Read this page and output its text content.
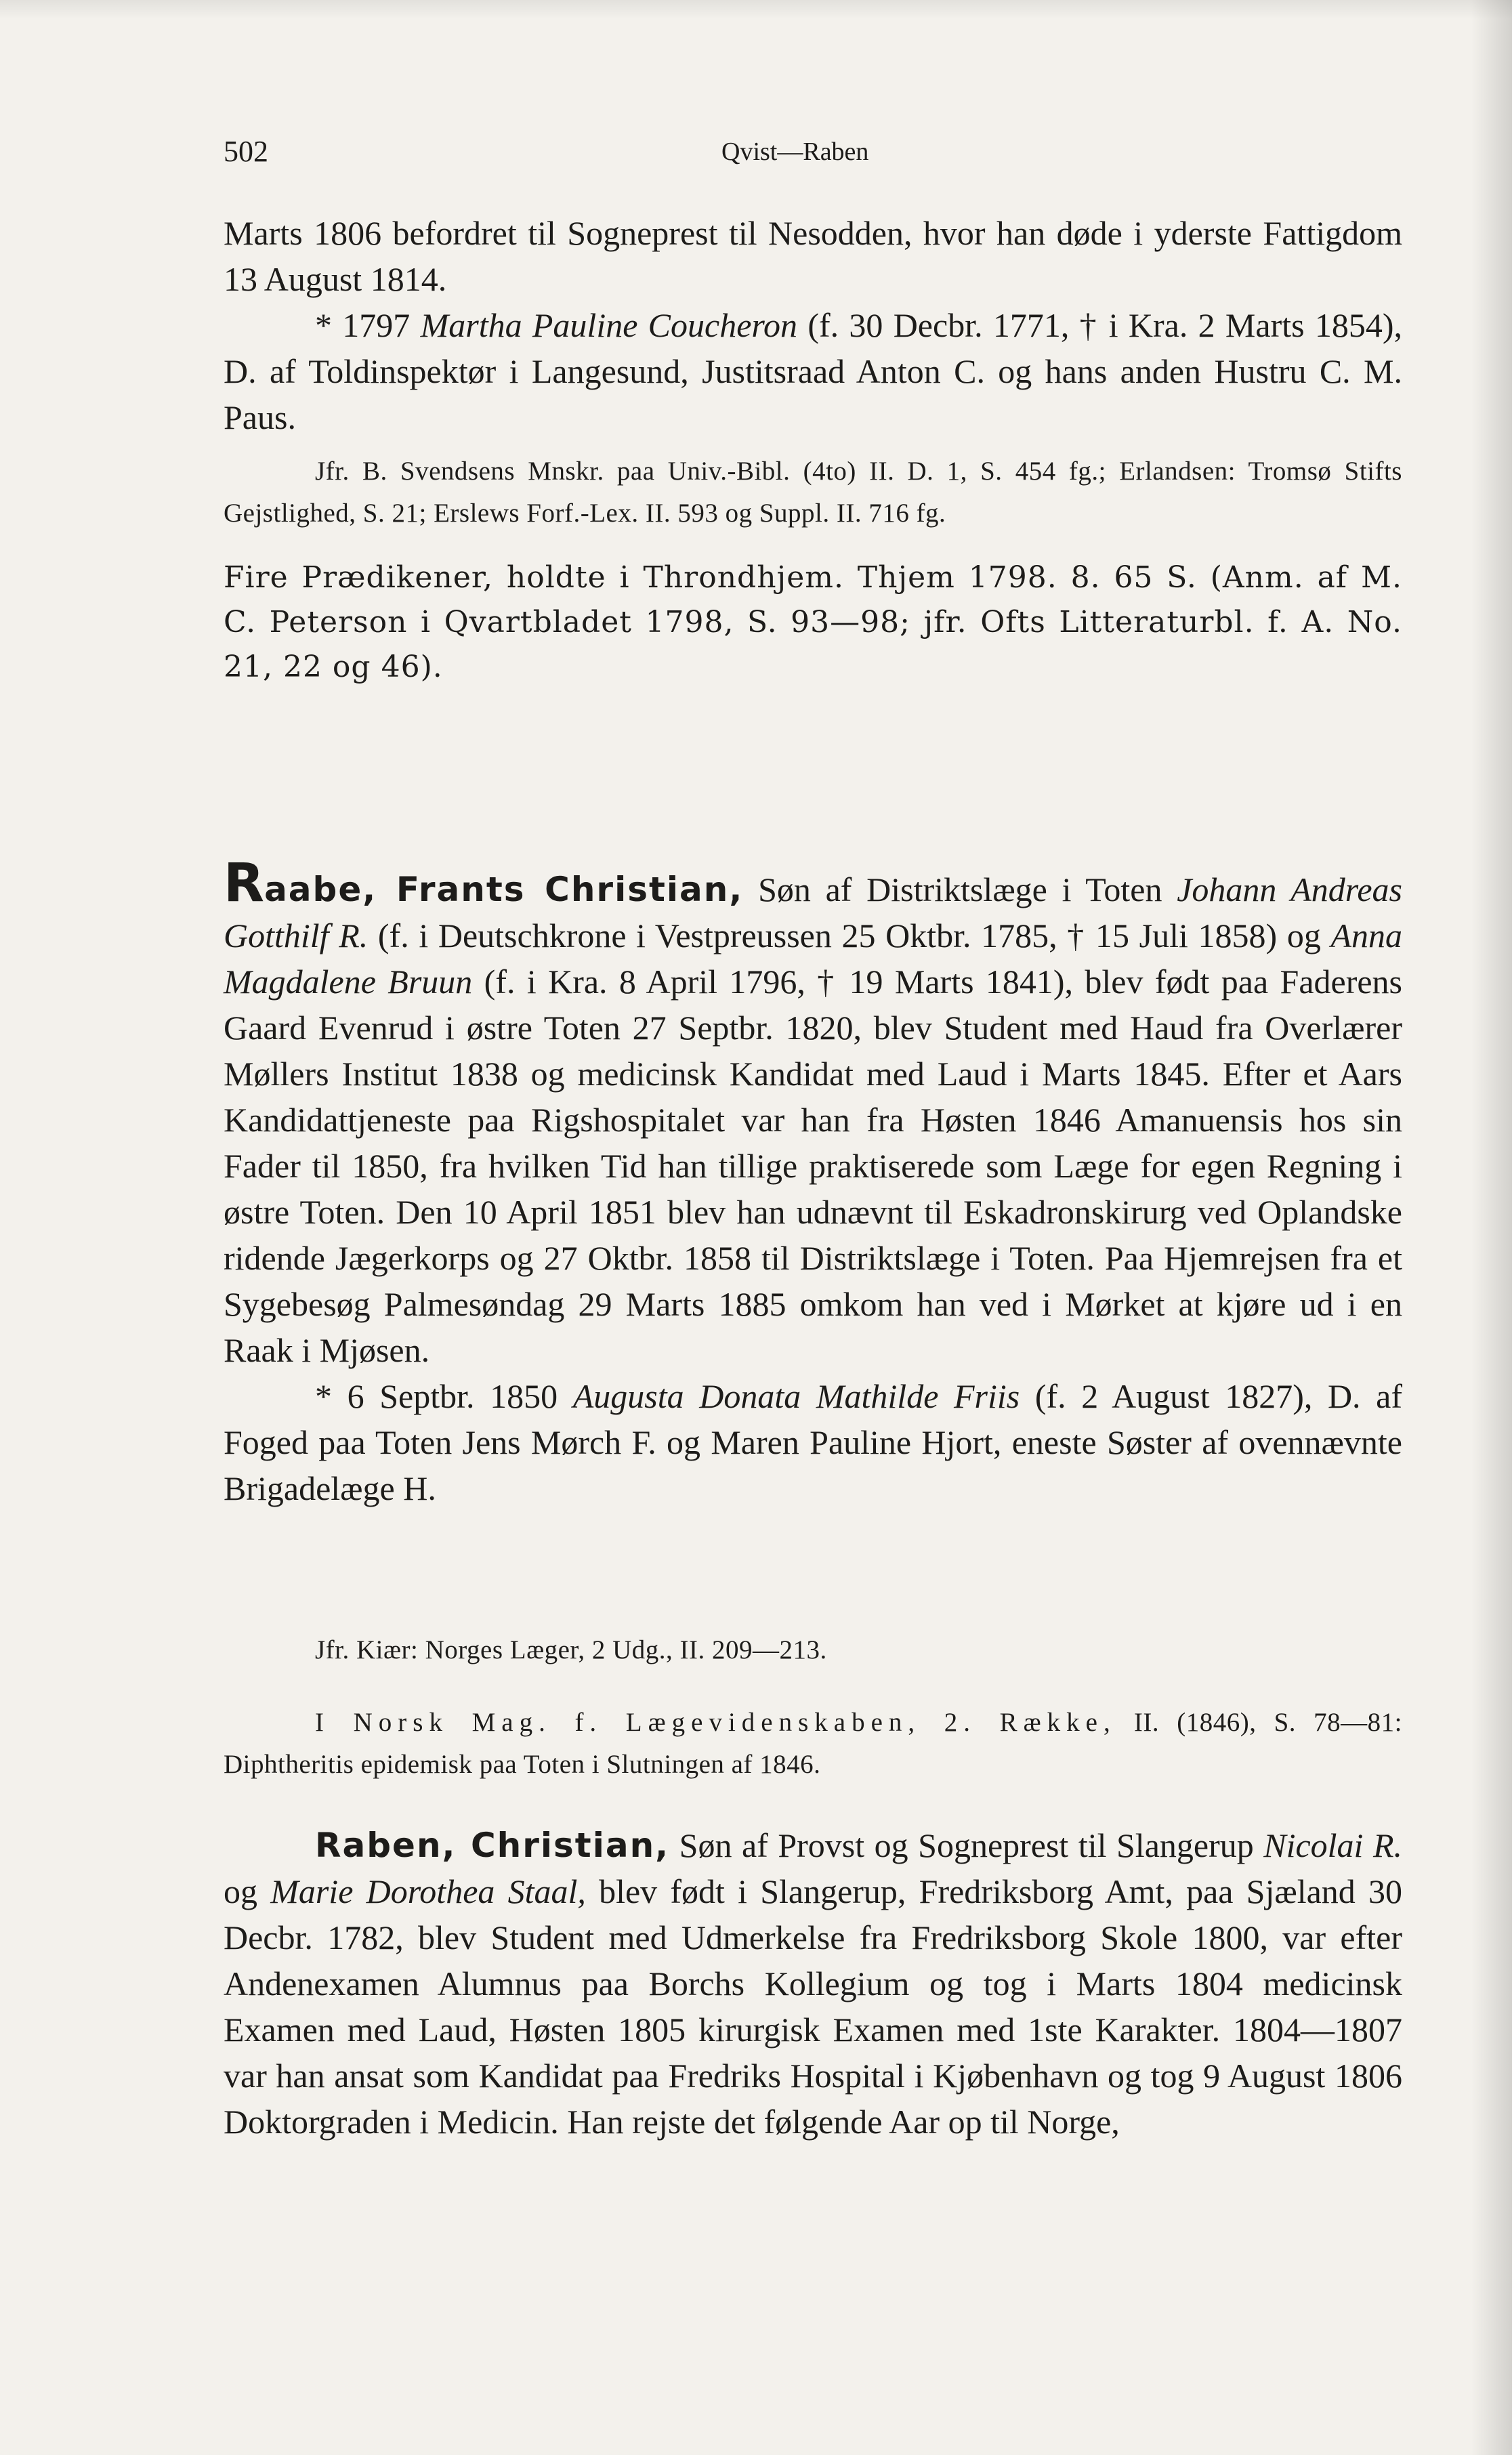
502	Qvist—Raben

Marts 1806 befordret til Sogneprest til Nesodden, hvor han døde i yderste Fattigdom 13 August 1814.

* 1797 Martha Pauline Coucheron (f. 30 Decbr. 1771, † i Kra. 2 Marts 1854), D. af Toldinspektør i Langesund, Justitsraad Anton C. og hans anden Hustru C. M. Paus.

Jfr. B. Svendsens Mnskr. paa Univ.-Bibl. (4to) II. D. 1, S. 454 fg.; Erlandsen: Tromsø Stifts Gejstlighed, S. 21; Erslews Forf.-Lex. II. 593 og Suppl. II. 716 fg.
Fire Prædikener, holdte i Throndhjem. Thjem 1798. 8. 65 S. (Anm. af M. C. Peterson i Qvartbladet 1798, S. 93—98; jfr. Ofts Litteraturbl. f. A. No. 21, 22 og 46).

Raabe, Frants Christian, Søn af Distriktslæge i Toten Johann Andreas Gotthilf R. (f. i Deutschkrone i Vestpreussen 25 Oktbr. 1785, † 15 Juli 1858) og Anna Magdalene Bruun (f. i Kra. 8 April 1796, † 19 Marts 1841), blev født paa Faderens Gaard Evenrud i østre Toten 27 Septbr. 1820, blev Student med Haud fra Overlærer Møllers Institut 1838 og medicinsk Kandidat med Laud i Marts 1845. Efter et Aars Kandidattjeneste paa Rigshospitalet var han fra Høsten 1846 Amanuensis hos sin Fader til 1850, fra hvilken Tid han tillige praktiserede som Læge for egen Regning i østre Toten. Den 10 April 1851 blev han udnævnt til Eskadronskirurg ved Oplandske ridende Jægerkorps og 27 Oktbr. 1858 til Distriktslæge i Toten. Paa Hjemrejsen fra et Sygebesøg Palmesøndag 29 Marts 1885 omkom han ved i Mørket at kjøre ud i en Raak i Mjøsen.

* 6 Septbr. 1850 Augusta Donata Mathilde Friis (f. 2 August 1827), D. af Foged paa Toten Jens Mørch F. og Maren Pauline Hjort, eneste Søster af ovennævnte Brigadelæge H.

Jfr. Kiær: Norges Læger, 2 Udg., II. 209—213.
I Norsk Mag. f. Lægevidenskaben, 2. Række, II. (1846), S. 78—81: Diphtheritis epidemisk paa Toten i Slutningen af 1846.
Raben, Christian, Søn af Provst og Sogneprest til Slangerup Nicolai R. og Marie Dorothea Staal, blev født i Slangerup, Fredriksborg Amt, paa Sjæland 30 Decbr. 1782, blev Student med Udmerkelse fra Fredriksborg Skole 1800, var efter Andenexamen Alumnus paa Borchs Kollegium og tog i Marts 1804 medicinsk Examen med Laud, Høsten 1805 kirurgisk Examen med 1ste Karakter. 1804—1807 var han ansat som Kandidat paa Fredriks Hospital i Kjøbenhavn og tog 9 August 1806 Doktorgraden i Medicin. Han rejste det følgende Aar op til Norge,
